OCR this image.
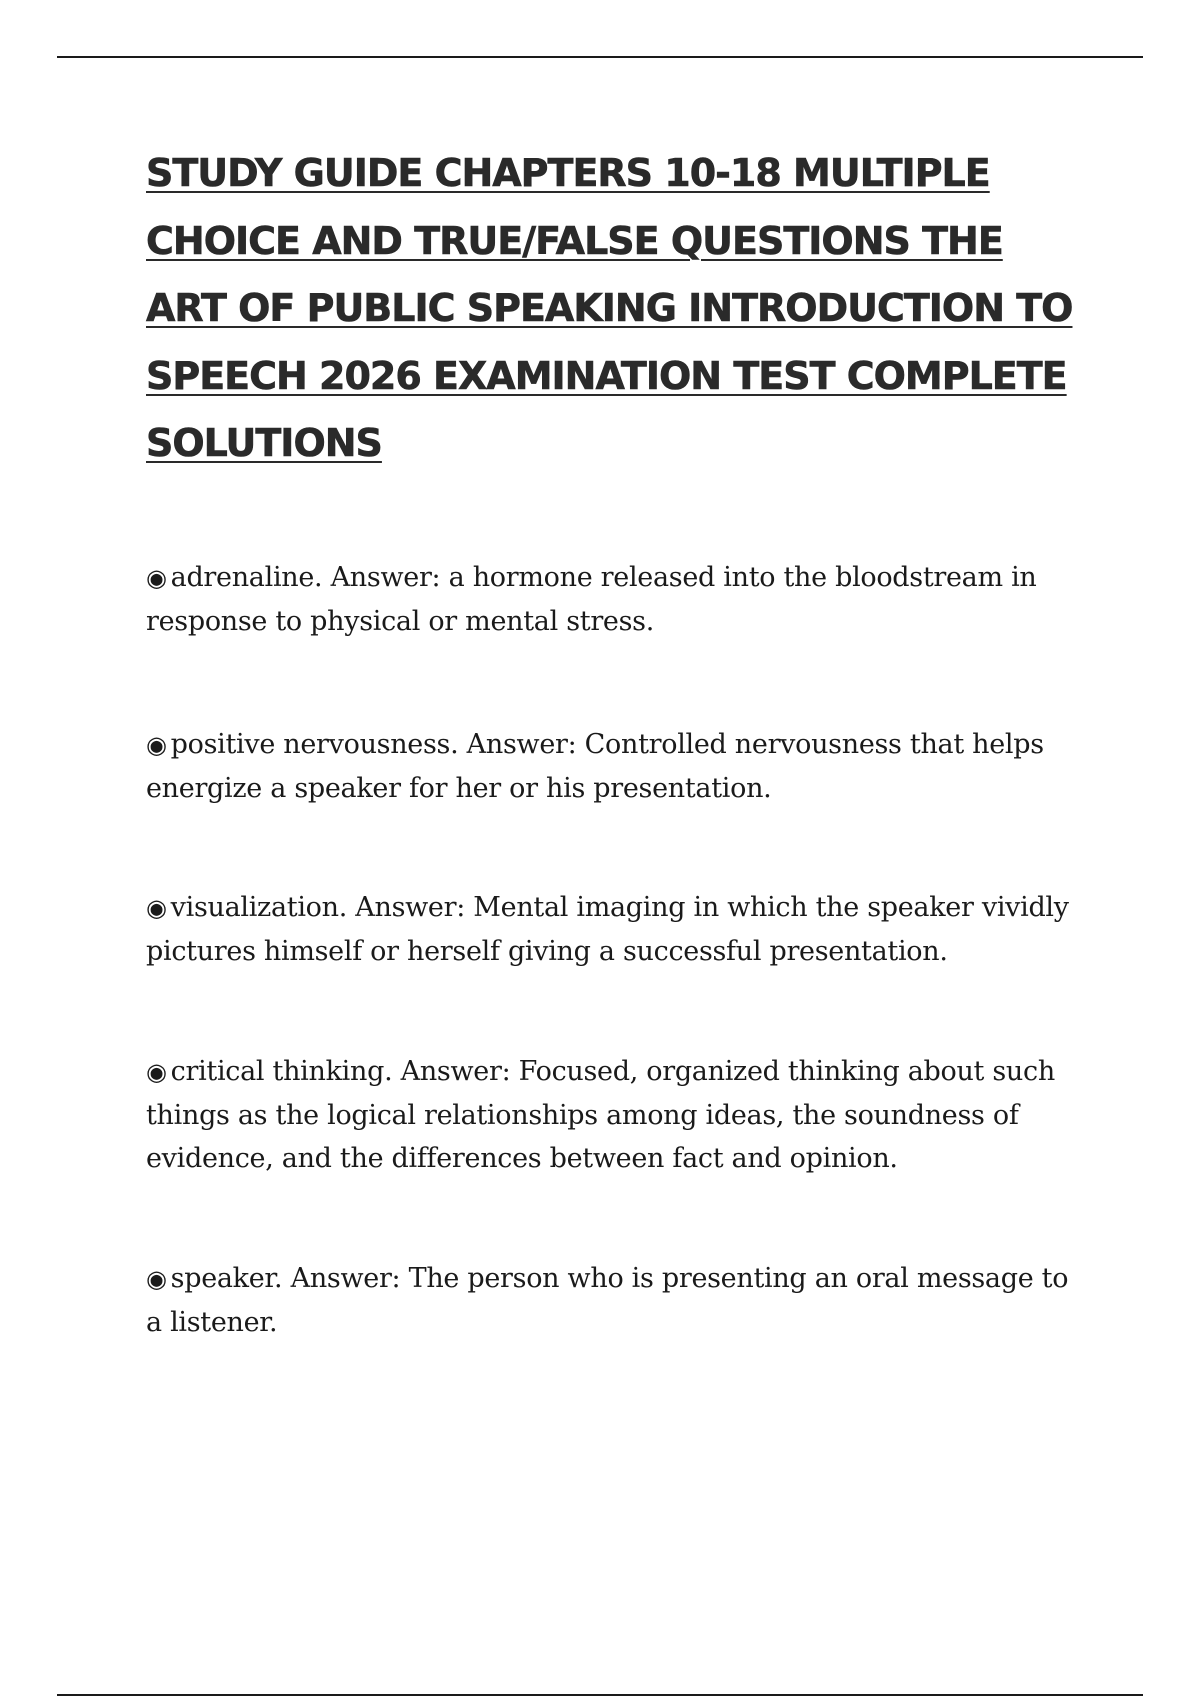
STUDY GUIDE CHAPTERS 10-18 MULTIPLE CHOICE AND TRUE/FALSE QUESTIONS THE ART OF PUBLIC SPEAKING INTRODUCTION TO SPEECH 2026 EXAMINATION TEST COMPLETE SOLUTIONS

◉ adrenaline. Answer: a hormone released into the bloodstream in response to physical or mental stress.

◉ positive nervousness. Answer: Controlled nervousness that helps energize a speaker for her or his presentation.

◉ visualization. Answer: Mental imaging in which the speaker vividly pictures himself or herself giving a successful presentation.

◉ critical thinking. Answer: Focused, organized thinking about such things as the logical relationships among ideas, the soundness of evidence, and the differences between fact and opinion.

◉ speaker. Answer: The person who is presenting an oral message to a listener.
